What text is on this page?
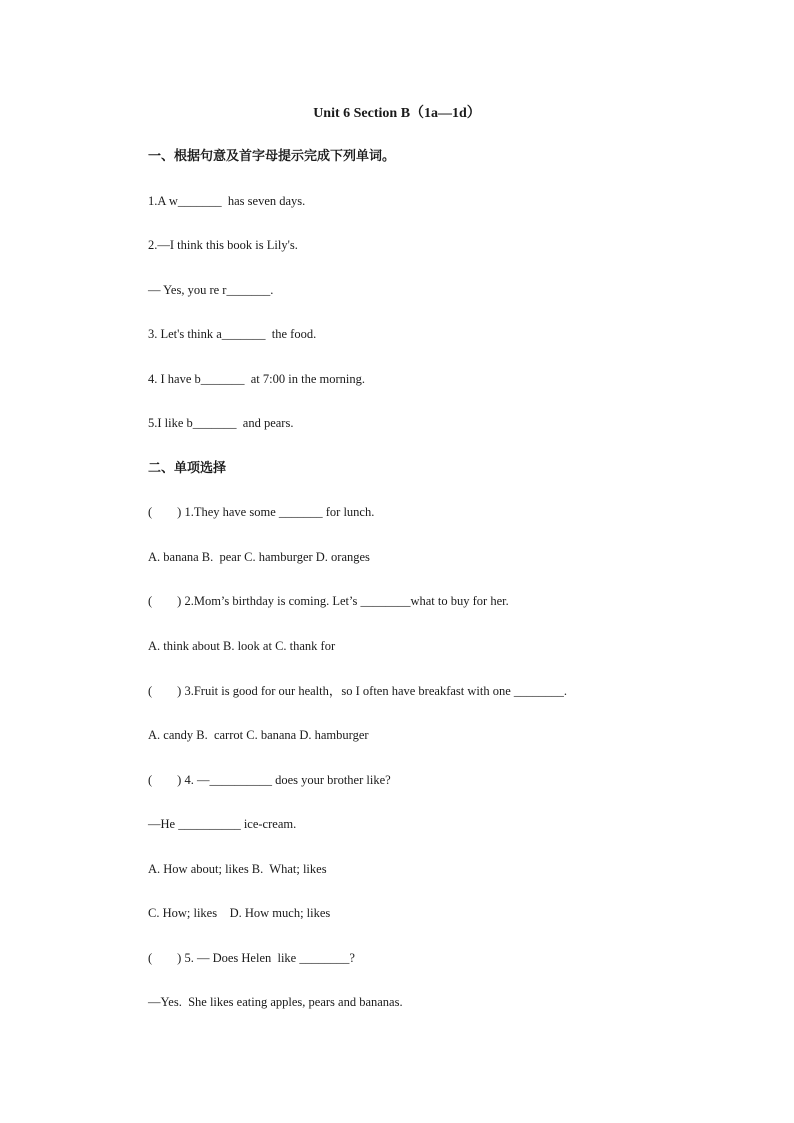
Unit 6 Section B（1a—1d）

一、根据句意及首字母提示完成下列单词。

1.A w_______  has seven days.

2.—I think this book is Lily's.

— Yes, you re r_______.

3. Let's think a_______  the food.

4. I have b_______  at 7:00 in the morning.

5.I like b_______  and pears.

二、单项选择

(        ) 1.They have some _______ for lunch.

A. banana B.  pear C. hamburger D. oranges

(        ) 2.Mom’s birthday is coming. Let’s ________what to buy for her.

A. think about B. look at C. thank for

(        ) 3.Fruit is good for our health，so I often have breakfast with one ________.

A. candy B.  carrot C. banana D. hamburger

(        ) 4. —__________ does your brother like?

—He __________ ice-cream.

A. How about; likes B.  What; likes

C. How; likes    D. How much; likes

(        ) 5. — Does Helen  like ________?

—Yes.  She likes eating apples, pears and bananas.
